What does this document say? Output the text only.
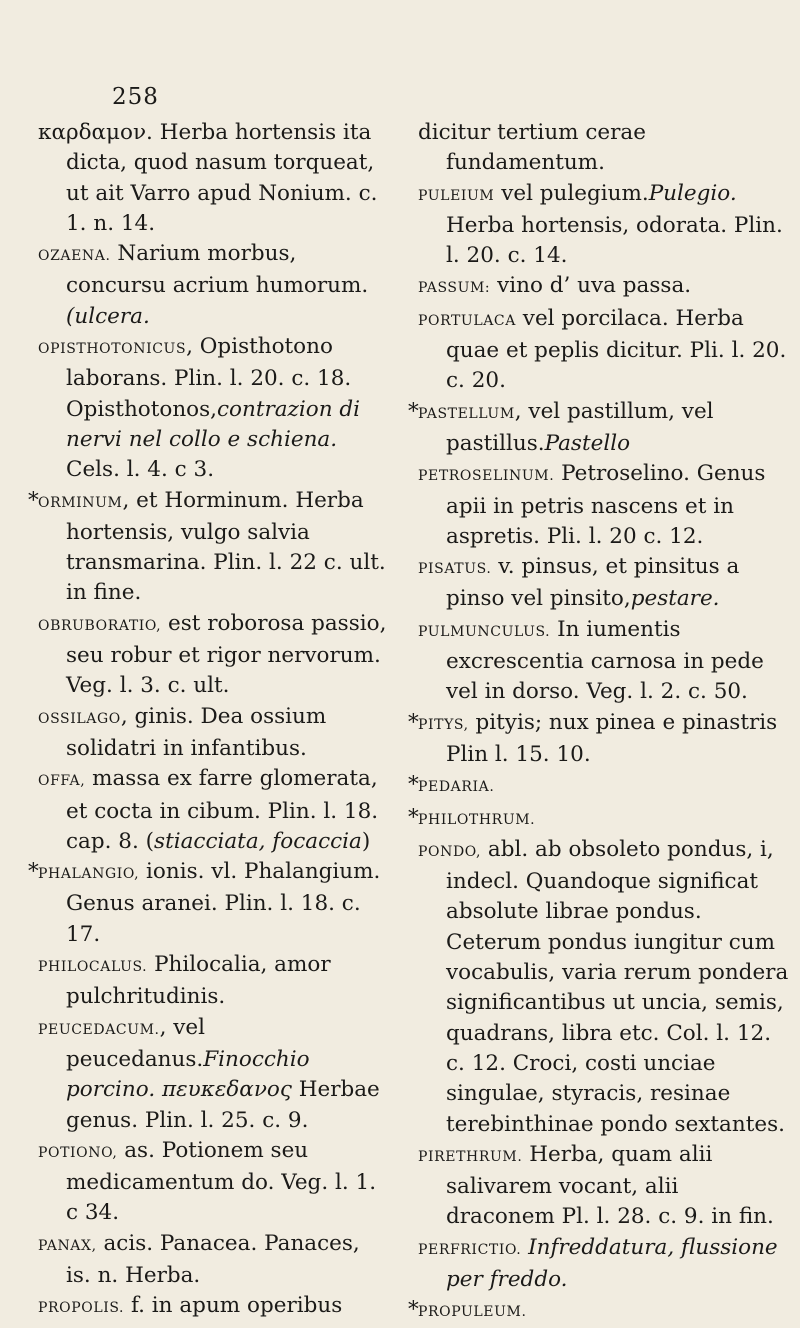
258
καρδαμον. Herba hortensis ita dicta, quod nasum torqueat, ut ait Varro apud Nonium. c. 1. n. 14.
OZAENA. Narium morbus, concursu acrium humorum.(ulcera.
OPISTHOTONICUS, Opisthotono laborans. Plin. l. 20. c. 18. Opisthotonos,contrazion di nervi nel collo e schiena. Cels. l. 4. c 3.
* ORMINUM, et Horminum. Herba hortensis, vulgo salvia transmarina. Plin. l. 22 c. ult. in fine.
OBRUBORATIO, est roborosa passio, seu robur et rigor nervorum. Veg. l. 3. c. ult.
OSSILAGO, ginis. Dea ossium solidatri in infantibus.
OFFA, massa ex farre glomerata, et cocta in cibum. Plin. l. 18. cap. 8. (stiacciata, focaccia)
* PHALANGIO, ionis. vl. Phalangium. Genus aranei. Plin. l. 18. c. 17.
PHILOCALUS. Philocalia, amor pulchritudinis.
PEUCEDACUM., vel peucedanus.Finocchio porcino. πευκεδανος Herbae genus. Plin. l. 25. c. 9.
POTIONO, as. Potionem seu medicamentum do. Veg. l. 1. c 34.
PANAX, acis. Panacea. Panaces, is. n. Herba.
PROPOLIS. f. in apum operibus
dicitur tertium cerae fundamentum.
PULEIUM vel pulegium.Pulegio. Herba hortensis, odorata. Plin. l. 20. c. 14.
PASSUM: vino d’ uva passa.
PORTULACA vel porcilaca. Herba quae et peplis dicitur. Pli. l. 20. c. 20.
* PASTELLUM, vel pastillum, vel pastillus.Pastello
PETROSELINUM. Petroselino. Genus apii in petris nascens et in aspretis. Pli. l. 20 c. 12.
PISATUS. v. pinsus, et pinsitus a pinso vel pinsito,pestare.
PULMUNCULUS. In iumentis excrescentia carnosa in pede vel in dorso. Veg. l. 2. c. 50.
* PITYS, pityis; nux pinea e pinastris Plin l. 15. 10.
* PEDARIA.
* PHILOTHRUM.
PONDO, abl. ab obsoleto pondus, i, indecl. Quandoque significat absolute librae pondus. Ceterum pondus iungitur cum vocabulis, varia rerum pondera significantibus ut uncia, semis, quadrans, libra etc. Col. l. 12. c. 12. Croci, costi unciae singulae, styracis, resinae terebinthinae pondo sextantes.
PIRETHRUM. Herba, quam alii salivarem vocant, alii draconem Pl. l. 28. c. 9. in fin.
PERFRICTIO. Infreddatura, flussione per freddo.
* PROPULEUM.
